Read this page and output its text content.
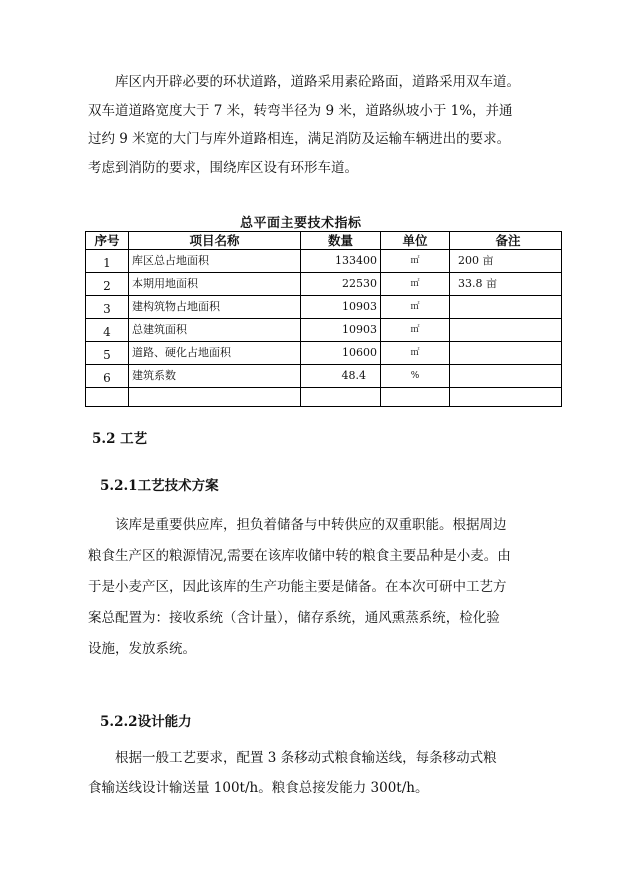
库区内开辟必要的环状道路，道路采用素砼路面，道路采用双车道。
双车道道路宽度大于 7 米，转弯半径为 9 米，道路纵坡小于 1%，并通
过约 9 米宽的大门与库外道路相连，满足消防及运输车辆进出的要求。
考虑到消防的要求，围绕库区设有环形车道。

总平面主要技术指标

序号	项目名称	数量	单位	备注
1	库区总占地面积	133400	㎡	200 亩
2	本期用地面积	22530	㎡	33.8 亩
3	建构筑物占地面积	10903	㎡	
4	总建筑面积	10903	㎡	
5	道路、硬化占地面积	10600	㎡	
6	建筑系数	48.4	%	

5.2 工艺

5.2.1工艺技术方案

该库是重要供应库，担负着储备与中转供应的双重职能。根据周边
粮食生产区的粮源情况,需要在该库收储中转的粮食主要品种是小麦。由
于是小麦产区，因此该库的生产功能主要是储备。在本次可研中工艺方
案总配置为：接收系统（含计量），储存系统，通风熏蒸系统，检化验
设施，发放系统。

5.2.2设计能力

根据一般工艺要求，配置 3 条移动式粮食输送线，每条移动式粮
食输送线设计输送量 100t/h。粮食总接发能力 300t/h。
